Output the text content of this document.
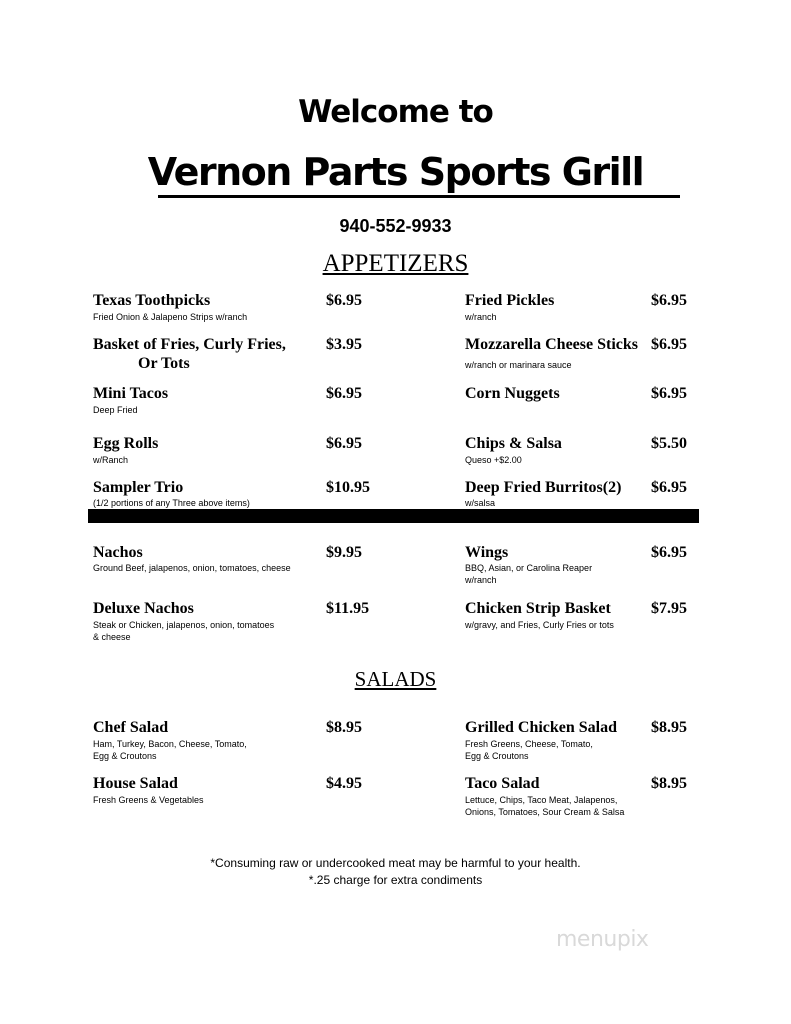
Welcome to
Vernon Parts Sports Grill
940-552-9933
APPETIZERS
Texas Toothpicks
Fried Onion & Jalapeno Strips w/ranch
$6.95	Fried Pickles
w/ranch
$6.95
Basket of Fries, Curly Fries,
Or Tots
$3.95	Mozzarella Cheese Sticks
w/ranch or marinara sauce
$6.95
Mini Tacos
Deep Fried
$6.95	Corn Nuggets	$6.95
Egg Rolls
w/Ranch
$6.95	Chips & Salsa
Queso +$2.00
$5.50
Sampler Trio
(1/2 portions of any Three above items)
$10.95	Deep Fried Burritos(2)
w/salsa
$6.95
Nachos
Ground Beef, jalapenos, onion, tomatoes, cheese
$9.95	Wings
BBQ, Asian, or Carolina Reaper
w/ranch
$6.95
Deluxe Nachos
Steak or Chicken, jalapenos, onion, tomatoes
& cheese
$11.95	Chicken Strip Basket
w/gravy, and Fries, Curly Fries or tots
$7.95
SALADS
Chef Salad
Ham, Turkey, Bacon, Cheese, Tomato,
Egg & Croutons
$8.95	Grilled Chicken Salad
Fresh Greens, Cheese, Tomato,
Egg & Croutons
$8.95
House Salad
Fresh Greens & Vegetables
$4.95	Taco Salad
Lettuce, Chips, Taco Meat, Jalapenos,
Onions, Tomatoes, Sour Cream & Salsa
$8.95
*Consuming raw or undercooked meat may be harmful to your health.
*.25 charge for extra condiments
menupix
